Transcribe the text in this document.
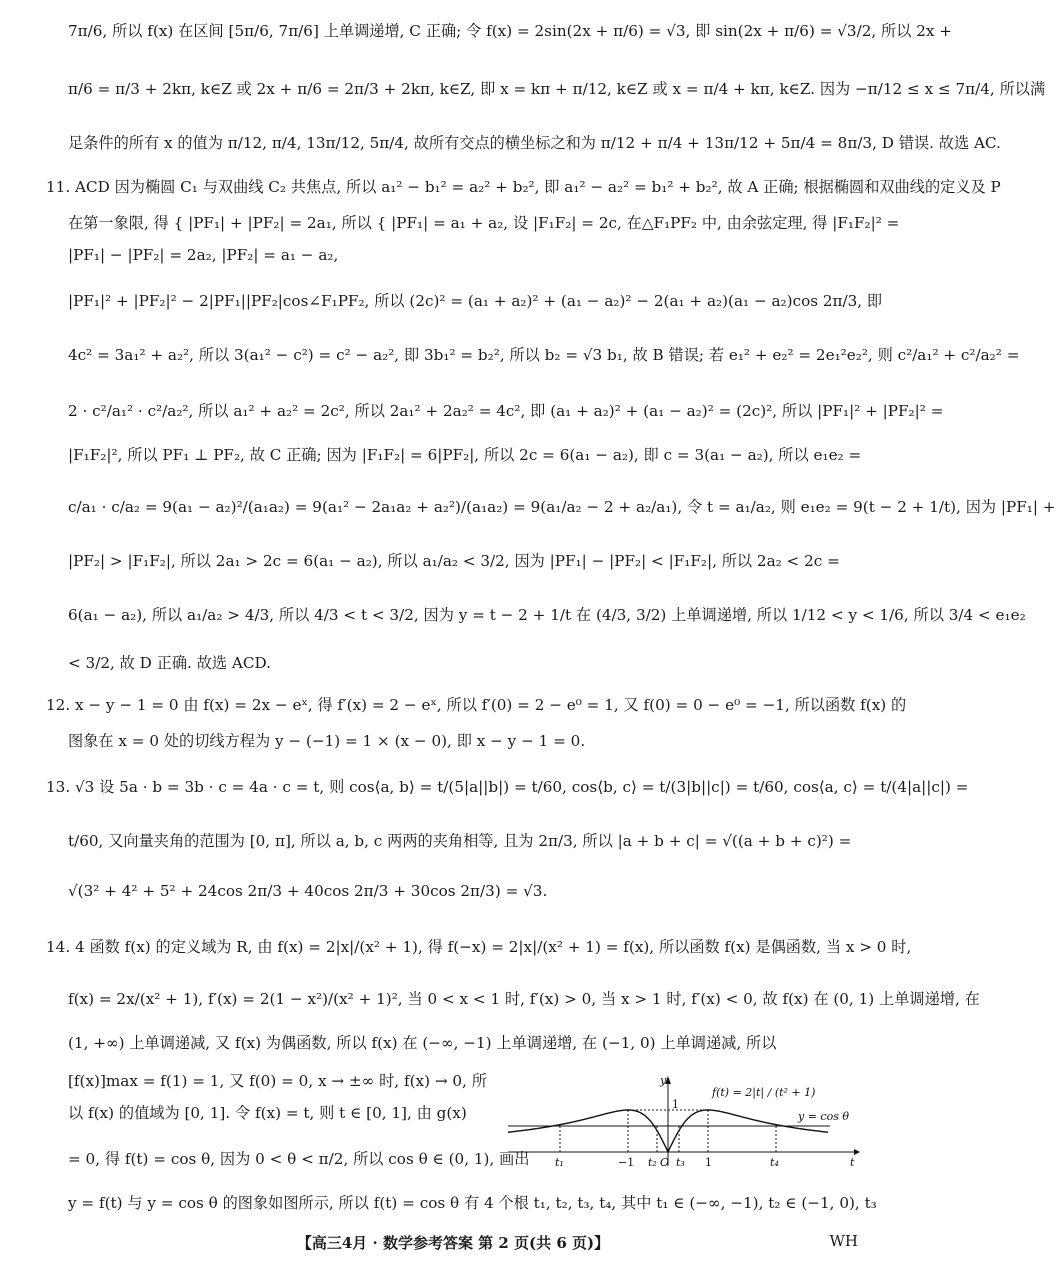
7π/6, 所以 f(x) 在区间 [5π/6, 7π/6] 上单调递增, C 正确; 令 f(x) = 2sin(2x + π/6) = √3, 即 sin(2x + π/6) = √3/2, 所以 2x +
π/6 = π/3 + 2kπ, k∈Z 或 2x + π/6 = 2π/3 + 2kπ, k∈Z, 即 x = kπ + π/12, k∈Z 或 x = π/4 + kπ, k∈Z. 因为 −π/12 ≤ x ≤ 7π/4, 所以满
足条件的所有 x 的值为 π/12, π/4, 13π/12, 5π/4, 故所有交点的横坐标之和为 π/12 + π/4 + 13π/12 + 5π/4 = 8π/3, D 错误. 故选 AC.
11. ACD 因为椭圆 C₁ 与双曲线 C₂ 共焦点, 所以 a₁² − b₁² = a₂² + b₂², 即 a₁² − a₂² = b₁² + b₂², 故 A 正确; 根据椭圆和双曲线的定义及 P
在第一象限, 得 { |PF₁| + |PF₂| = 2a₁, 所以 { |PF₁| = a₁ + a₂, 设 |F₁F₂| = 2c, 在△F₁PF₂ 中, 由余弦定理, 得 |F₁F₂|² =
|PF₁| − |PF₂| = 2a₂, |PF₂| = a₁ − a₂,
|PF₁|² + |PF₂|² − 2|PF₁||PF₂|cos∠F₁PF₂, 所以 (2c)² = (a₁ + a₂)² + (a₁ − a₂)² − 2(a₁ + a₂)(a₁ − a₂)cos 2π/3, 即
4c² = 3a₁² + a₂², 所以 3(a₁² − c²) = c² − a₂², 即 3b₁² = b₂², 所以 b₂ = √3 b₁, 故 B 错误; 若 e₁² + e₂² = 2e₁²e₂², 则 c²/a₁² + c²/a₂² =
2 · c²/a₁² · c²/a₂², 所以 a₁² + a₂² = 2c², 所以 2a₁² + 2a₂² = 4c², 即 (a₁ + a₂)² + (a₁ − a₂)² = (2c)², 所以 |PF₁|² + |PF₂|² =
|F₁F₂|², 所以 PF₁ ⊥ PF₂, 故 C 正确; 因为 |F₁F₂| = 6|PF₂|, 所以 2c = 6(a₁ − a₂), 即 c = 3(a₁ − a₂), 所以 e₁e₂ =
c/a₁ · c/a₂ = 9(a₁ − a₂)²/(a₁a₂) = 9(a₁² − 2a₁a₂ + a₂²)/(a₁a₂) = 9(a₁/a₂ − 2 + a₂/a₁), 令 t = a₁/a₂, 则 e₁e₂ = 9(t − 2 + 1/t), 因为 |PF₁| +
|PF₂| > |F₁F₂|, 所以 2a₁ > 2c = 6(a₁ − a₂), 所以 a₁/a₂ < 3/2, 因为 |PF₁| − |PF₂| < |F₁F₂|, 所以 2a₂ < 2c =
6(a₁ − a₂), 所以 a₁/a₂ > 4/3, 所以 4/3 < t < 3/2, 因为 y = t − 2 + 1/t 在 (4/3, 3/2) 上单调递增, 所以 1/12 < y < 1/6, 所以 3/4 < e₁e₂
< 3/2, 故 D 正确. 故选 ACD.
12. x − y − 1 = 0 由 f(x) = 2x − eˣ, 得 f′(x) = 2 − eˣ, 所以 f′(0) = 2 − e⁰ = 1, 又 f(0) = 0 − e⁰ = −1, 所以函数 f(x) 的
图象在 x = 0 处的切线方程为 y − (−1) = 1 × (x − 0), 即 x − y − 1 = 0.
13. √3 设 5a · b = 3b · c = 4a · c = t, 则 cos⟨a, b⟩ = t/(5|a||b|) = t/60, cos⟨b, c⟩ = t/(3|b||c|) = t/60, cos⟨a, c⟩ = t/(4|a||c|) =
t/60, 又向量夹角的范围为 [0, π], 所以 a, b, c 两两的夹角相等, 且为 2π/3, 所以 |a + b + c| = √((a + b + c)²) =
√(3² + 4² + 5² + 24cos 2π/3 + 40cos 2π/3 + 30cos 2π/3) = √3.
14. 4 函数 f(x) 的定义域为 R, 由 f(x) = 2|x|/(x² + 1), 得 f(−x) = 2|x|/(x² + 1) = f(x), 所以函数 f(x) 是偶函数, 当 x > 0 时,
f(x) = 2x/(x² + 1), f′(x) = 2(1 − x²)/(x² + 1)², 当 0 < x < 1 时, f′(x) > 0, 当 x > 1 时, f′(x) < 0, 故 f(x) 在 (0, 1) 上单调递增, 在
(1, +∞) 上单调递减, 又 f(x) 为偶函数, 所以 f(x) 在 (−∞, −1) 上单调递增, 在 (−1, 0) 上单调递减, 所以
[f(x)]max = f(1) = 1, 又 f(0) = 0, x → ±∞ 时, f(x) → 0, 所
以 f(x) 的值域为 [0, 1]. 令 f(x) = t, 则 t ∈ [0, 1], 由 g(x)
= 0, 得 f(t) = cos θ, 因为 0 < θ < π/2, 所以 cos θ ∈ (0, 1), 画出
y = f(t) 与 y = cos θ 的图象如图所示, 所以 f(t) = cos θ 有 4 个根 t₁, t₂, t₃, t₄, 其中 t₁ ∈ (−∞, −1), t₂ ∈ (−1, 0), t₃
y
t
1
f(t) = 2|t| / (t² + 1)
y = cos θ
t₁	−1 t₂ O t₃ 1	t₄
【高三4月 · 数学参考答案 第 2 页(共 6 页)】	WH
